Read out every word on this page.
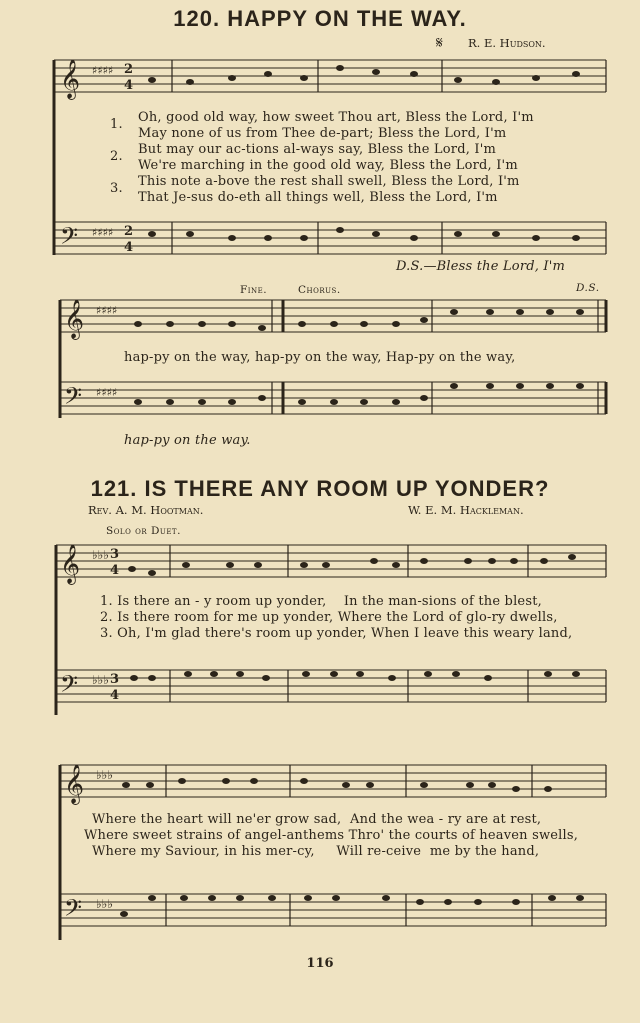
120. HAPPY ON THE WAY.
R. E. Hudson.
𝄋
𝄞 ♯♯♯♯ 2
4
1. Oh, good old way, how sweet Thou art, Bless the Lord, I'm
May none of us from Thee de-part; Bless the Lord, I'm
2. But may our ac-tions al-ways say, Bless the Lord, I'm
We're marching in the good old way, Bless the Lord, I'm
3. This note a-bove the rest shall swell, Bless the Lord, I'm
That Je-sus do-eth all things well, Bless the Lord, I'm
𝄢 ♯♯♯♯ 2
4
D.S.—Bless the Lord, I'm
Fine.	Chorus.	D.S.
𝄞 ♯♯♯♯
hap-py on the way, hap-py on the way, Hap-py on the way,
𝄢 ♯♯♯♯
hap-py on the way.
121. IS THERE ANY ROOM UP YONDER?
Rev. A. M. Hootman.	W. E. M. Hackleman.
Solo or Duet.
𝄞 ♭♭♭ 3
4
1. Is there an - y room up yonder,    In the man-sions of the blest,
2. Is there room for me up yonder, Where the Lord of glo-ry dwells,
3. Oh, I'm glad there's room up yonder, When I leave this weary land,
𝄢 ♭♭♭ 3
4
𝄞 ♭♭♭
Where the heart will ne'er grow sad,  And the wea - ry are at rest,
Where sweet strains of angel-anthems Thro' the courts of heaven swells,
Where my Saviour, in his mer-cy,     Will re-ceive  me by the hand,
𝄢 ♭♭♭
116
